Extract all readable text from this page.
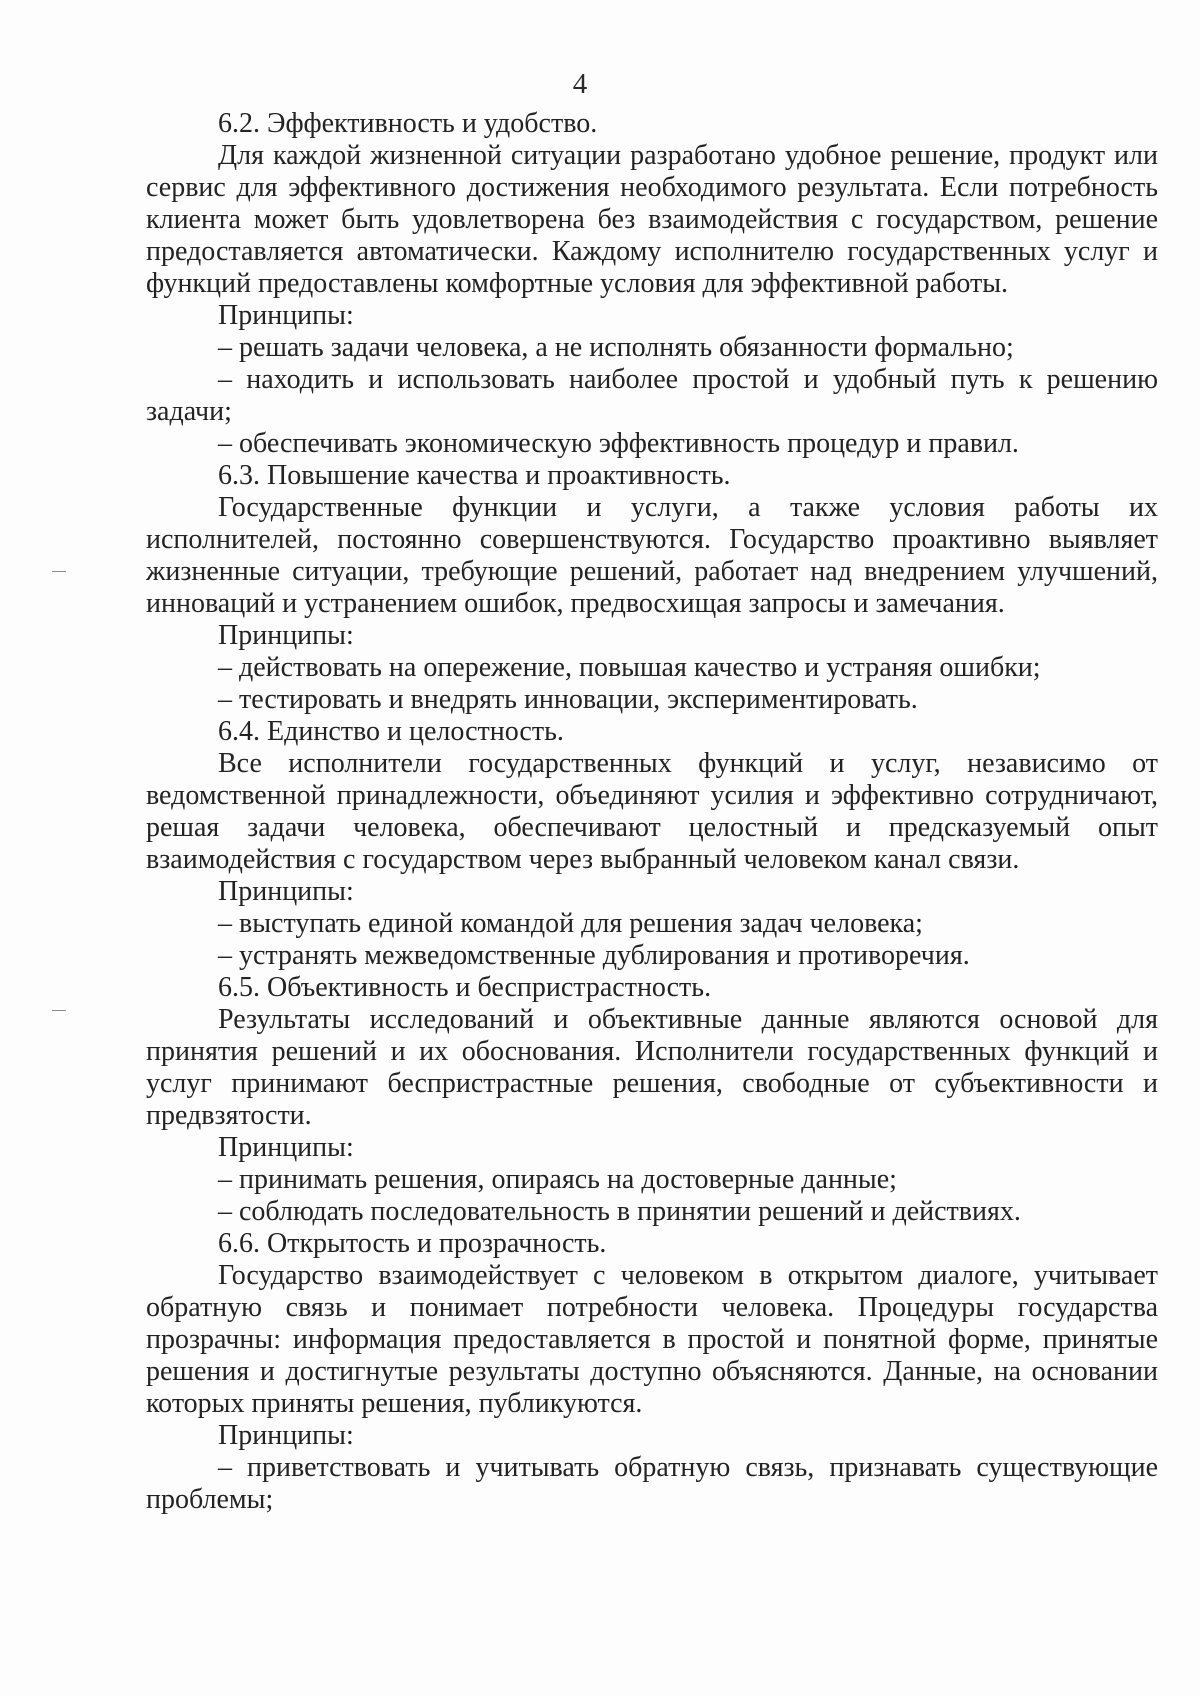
4

6.2. Эффективность и удобство.

Для каждой жизненной ситуации разработано удобное решение, продукт или сервис для эффективного достижения необходимого результата. Если потребность клиента может быть удовлетворена без взаимодействия с государством, решение предоставляется автоматически. Каждому исполнителю государственных услуг и функций предоставлены комфортные условия для эффективной работы.

Принципы:

– решать задачи человека, а не исполнять обязанности формально;

– находить и использовать наиболее простой и удобный путь к решению задачи;

– обеспечивать экономическую эффективность процедур и правил.

6.3. Повышение качества и проактивность.

Государственные функции и услуги, а также условия работы их исполнителей, постоянно совершенствуются. Государство проактивно выявляет жизненные ситуации, требующие решений, работает над внедрением улучшений, инноваций и устранением ошибок, предвосхищая запросы и замечания.

Принципы:

– действовать на опережение, повышая качество и устраняя ошибки;

– тестировать и внедрять инновации, экспериментировать.

6.4. Единство и целостность.

Все исполнители государственных функций и услуг, независимо от ведомственной принадлежности, объединяют усилия и эффективно сотрудничают, решая задачи человека, обеспечивают целостный и предсказуемый опыт взаимодействия с государством через выбранный человеком канал связи.

Принципы:

– выступать единой командой для решения задач человека;

– устранять межведомственные дублирования и противоречия.

6.5. Объективность и беспристрастность.

Результаты исследований и объективные данные являются основой для принятия решений и их обоснования. Исполнители государственных функций и услуг принимают беспристрастные решения, свободные от субъективности и предвзятости.

Принципы:

– принимать решения, опираясь на достоверные данные;

– соблюдать последовательность в принятии решений и действиях.

6.6. Открытость и прозрачность.

Государство взаимодействует с человеком в открытом диалоге, учитывает обратную связь и понимает потребности человека. Процедуры государства прозрачны: информация предоставляется в простой и понятной форме, принятые решения и достигнутые результаты доступно объясняются. Данные, на основании которых приняты решения, публикуются.

Принципы:

– приветствовать и учитывать обратную связь, признавать существующие проблемы;
